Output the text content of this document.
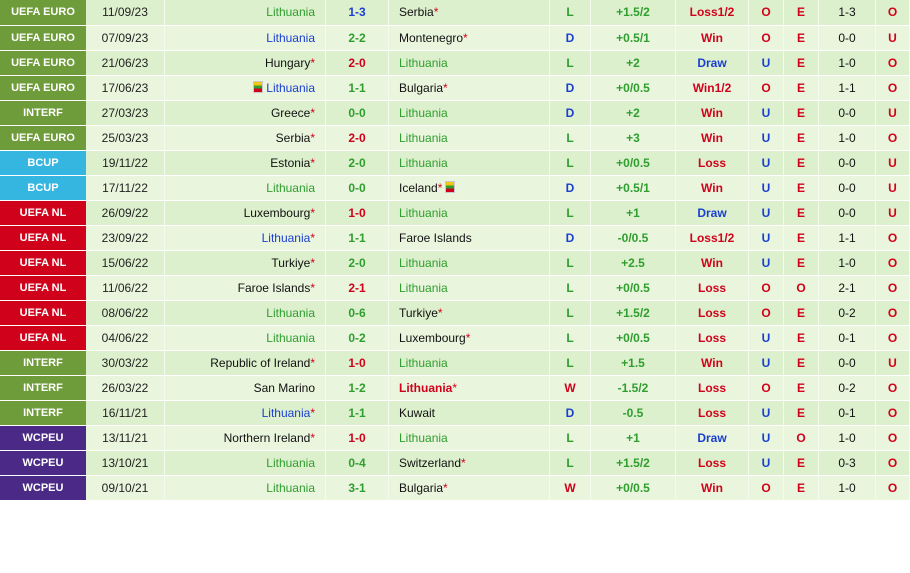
UEFA EURO	11/09/23	Lithuania	1-3	Serbia*	L	+1.5/2	Loss1/2	O	E	1-3	O
UEFA EURO	07/09/23	Lithuania	2-2	Montenegro*	D	+0.5/1	Win	O	E	0-0	U
UEFA EURO	21/06/23	Hungary*	2-0	Lithuania	L	+2	Draw	U	E	1-0	O
UEFA EURO	17/06/23	Lithuania	1-1	Bulgaria*	D	+0/0.5	Win1/2	O	E	1-1	O
INTERF	27/03/23	Greece*	0-0	Lithuania	D	+2	Win	U	E	0-0	U
UEFA EURO	25/03/23	Serbia*	2-0	Lithuania	L	+3	Win	U	E	1-0	O
BCUP	19/11/22	Estonia*	2-0	Lithuania	L	+0/0.5	Loss	U	E	0-0	U
BCUP	17/11/22	Lithuania	0-0	Iceland*	D	+0.5/1	Win	U	E	0-0	U
UEFA NL	26/09/22	Luxembourg*	1-0	Lithuania	L	+1	Draw	U	E	0-0	U
UEFA NL	23/09/22	Lithuania*	1-1	Faroe Islands	D	-0/0.5	Loss1/2	U	E	1-1	O
UEFA NL	15/06/22	Turkiye*	2-0	Lithuania	L	+2.5	Win	U	E	1-0	O
UEFA NL	11/06/22	Faroe Islands*	2-1	Lithuania	L	+0/0.5	Loss	O	O	2-1	O
UEFA NL	08/06/22	Lithuania	0-6	Turkiye*	L	+1.5/2	Loss	O	E	0-2	O
UEFA NL	04/06/22	Lithuania	0-2	Luxembourg*	L	+0/0.5	Loss	U	E	0-1	O
INTERF	30/03/22	Republic of Ireland*	1-0	Lithuania	L	+1.5	Win	U	E	0-0	U
INTERF	26/03/22	San Marino	1-2	Lithuania*	W	-1.5/2	Loss	O	E	0-2	O
INTERF	16/11/21	Lithuania*	1-1	Kuwait	D	-0.5	Loss	U	E	0-1	O
WCPEU	13/11/21	Northern Ireland*	1-0	Lithuania	L	+1	Draw	U	O	1-0	O
WCPEU	13/10/21	Lithuania	0-4	Switzerland*	L	+1.5/2	Loss	U	E	0-3	O
WCPEU	09/10/21	Lithuania	3-1	Bulgaria*	W	+0/0.5	Win	O	E	1-0	O
